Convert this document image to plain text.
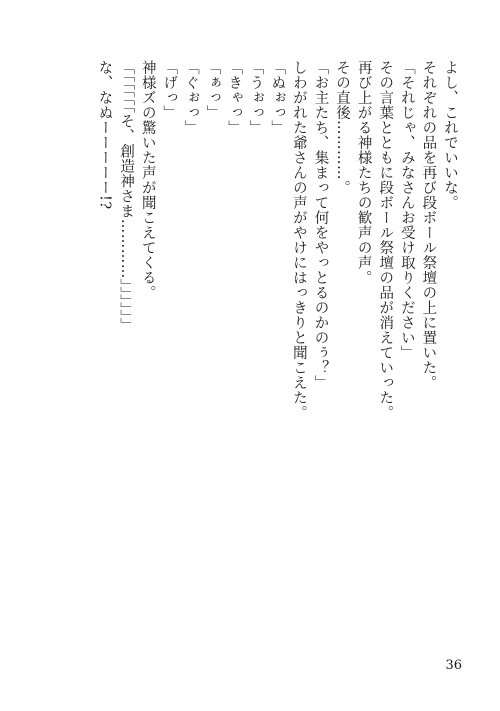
よし、これでいいな。
それぞれの品を再び段ボール祭壇の上に置いた。
「それじゃ、みなさんお受け取りください」
その言葉とともに段ボール祭壇の品が消えていった。
再び上がる神様たちの歓声の声。
その直後…………。
「お主たち、集まって何をやっとるのかのぅ？」
しわがれた爺さんの声がやけにはっきりと聞こえた。
「ぬぉっ」
「うぉっ」
「きゃっ」
「ぁっ」
「ぐぉっ」
「げっ」
神様ズの驚いた声が聞こえてくる。
「「「「「「そ、創造神さま…………」」」」」」
な、なぬーーーーー!?
36
